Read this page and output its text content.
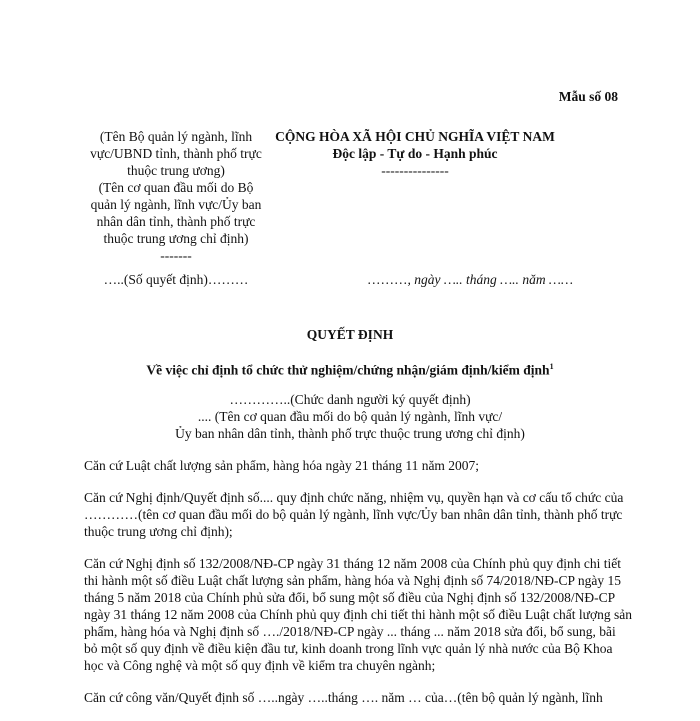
Mẫu số 08
(Tên Bộ quản lý ngành, lĩnh
vực/UBND tỉnh, thành phố trực
thuộc trung ương)
(Tên cơ quan đầu mối do Bộ
quản lý ngành, lĩnh vực/Ủy ban
nhân dân tỉnh, thành phố trực
thuộc trung ương chỉ định)
-------
CỘNG HÒA XÃ HỘI CHỦ NGHĨA VIỆT NAM
Độc lập - Tự do - Hạnh phúc
---------------
…..(Số quyết định)………	………, ngày ….. tháng ….. năm ……
QUYẾT ĐỊNH
Về việc chỉ định tổ chức thử nghiệm/chứng nhận/giám định/kiểm định$^1$
…………..(Chức danh người ký quyết định)
.... (Tên cơ quan đầu mối do bộ quản lý ngành, lĩnh vực/
Ủy ban nhân dân tỉnh, thành phố trực thuộc trung ương chỉ định)

Căn cứ Luật chất lượng sản phẩm, hàng hóa ngày 21 tháng 11 năm 2007;

Căn cứ Nghị định/Quyết định số.... quy định chức năng, nhiệm vụ, quyền hạn và cơ cấu tổ chức của …………(tên cơ quan đầu mối do bộ quản lý ngành, lĩnh vực/Ủy ban nhân dân tỉnh, thành phố trực thuộc trung ương chỉ định);

Căn cứ Nghị định số 132/2008/NĐ-CP ngày 31 tháng 12 năm 2008 của Chính phủ quy định chi tiết thi hành một số điều Luật chất lượng sản phẩm, hàng hóa và Nghị định số 74/2018/NĐ-CP ngày 15 tháng 5 năm 2018 của Chính phủ sửa đổi, bổ sung một số điều của Nghị định số 132/2008/NĐ-CP ngày 31 tháng 12 năm 2008 của Chính phủ quy định chi tiết thi hành một số điều Luật chất lượng sản phẩm, hàng hóa và Nghị định số …./2018/NĐ-CP ngày ... tháng ... năm 2018 sửa đổi, bổ sung, bãi bỏ một số quy định về điều kiện đầu tư, kinh doanh trong lĩnh vực quản lý nhà nước của Bộ Khoa học và Công nghệ và một số quy định về kiểm tra chuyên ngành;

Căn cứ công văn/Quyết định số …..ngày …..tháng …. năm … của…(tên bộ quản lý ngành, lĩnh
